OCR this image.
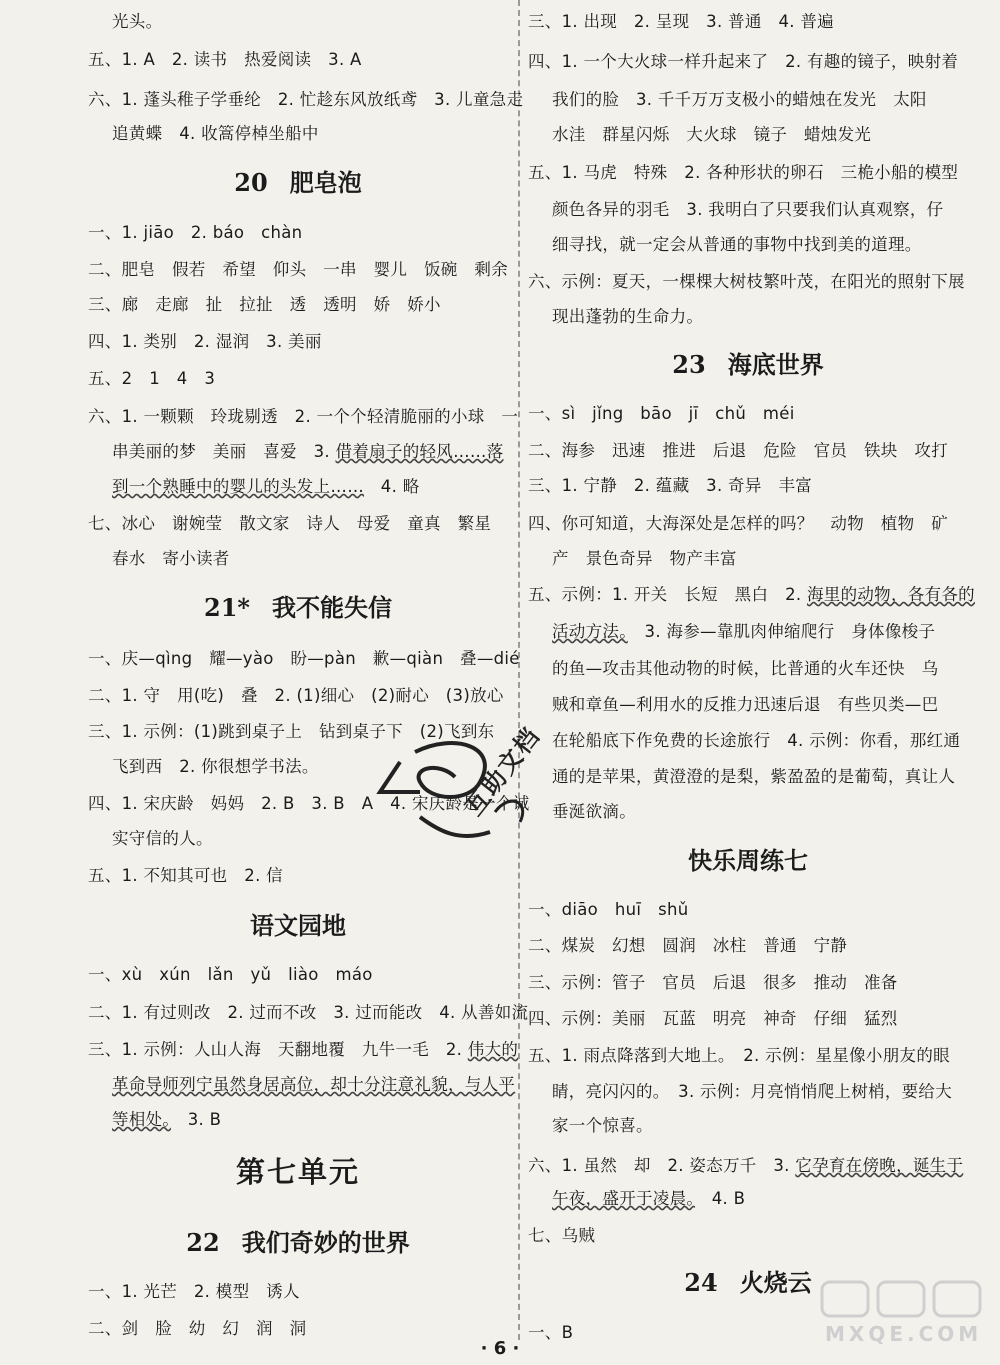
光头。
五、1. A　2. 读书　热爱阅读　3. A
六、1. 蓬头稚子学垂纶　2. 忙趁东风放纸鸢　3. 儿童急走
追黄蝶　4. 收篙停棹坐船中
20 肥皂泡
一、1. jiāo　2. báo　chàn
二、肥皂　假若　希望　仰头　一串　婴儿　饭碗　剩余
三、廊　走廊　扯　拉扯　透　透明　娇　娇小
四、1. 类别　2. 湿润　3. 美丽
五、2　1　4　3
六、1. 一颗颗　玲珑剔透　2. 一个个轻清脆丽的小球　一
串美丽的梦　美丽　喜爱　3. 借着扇子的轻风……落
到一个熟睡中的婴儿的头发上……　4. 略
七、冰心　谢婉莹　散文家　诗人　母爱　童真　繁星
春水　寄小读者
21* 我不能失信
一、庆—qìng　耀—yào　盼—pàn　歉—qiàn　叠—dié
二、1. 守　用(吃)　叠　2. (1)细心　(2)耐心　(3)放心
三、1. 示例：(1)跳到桌子上　钻到桌子下　(2)飞到东
飞到西　2. 你很想学书法。
四、1. 宋庆龄　妈妈　2. B　3. B　A　4. 宋庆龄是一个诚
实守信的人。
五、1. 不知其可也　2. 信
语文园地
一、xù　xún　lǎn　yǔ　liào　máo
二、1. 有过则改　2. 过而不改　3. 过而能改　4. 从善如流
三、1. 示例：人山人海　天翻地覆　九牛一毛　2. 伟大的
革命导师列宁虽然身居高位，却十分注意礼貌，与人平
等相处。　3. B
第七单元
22 我们奇妙的世界
一、1. 光芒　2. 模型　诱人
二、剑　脸　幼　幻　润　洞
三、1. 出现　2. 呈现　3. 普通　4. 普遍
四、1. 一个大火球一样升起来了　2. 有趣的镜子，映射着
我们的脸　3. 千千万万支极小的蜡烛在发光　太阳
水洼　群星闪烁　大火球　镜子　蜡烛发光
五、1. 马虎　特殊　2. 各种形状的卵石　三桅小船的模型
颜色各异的羽毛　3. 我明白了只要我们认真观察，仔
细寻找，就一定会从普通的事物中找到美的道理。
六、示例：夏天，一棵棵大树枝繁叶茂，在阳光的照射下展
现出蓬勃的生命力。
23 海底世界
一、sì　jǐng　bāo　jī　chǔ　méi
二、海参　迅速　推进　后退　危险　官员　铁块　攻打
三、1. 宁静　2. 蕴藏　3. 奇异　丰富
四、你可知道，大海深处是怎样的吗？　动物　植物　矿
产　景色奇异　物产丰富
五、示例：1. 开关　长短　黑白　2. 海里的动物，各有各的
活动方法。　3. 海参—靠肌肉伸缩爬行　身体像梭子
的鱼—攻击其他动物的时候，比普通的火车还快　乌
贼和章鱼—利用水的反推力迅速后退　有些贝类—巴
在轮船底下作免费的长途旅行　4. 示例：你看，那红通
通的是苹果，黄澄澄的是梨，紫盈盈的是葡萄，真让人
垂涎欲滴。
快乐周练七
一、diāo　huī　shǔ
二、煤炭　幻想　圆润　冰柱　普通　宁静
三、示例：管子　官员　后退　很多　推动　准备
四、示例：美丽　瓦蓝　明亮　神奇　仔细　猛烈
五、1. 雨点降落到大地上。　2. 示例：星星像小朋友的眼
睛，亮闪闪的。　3. 示例：月亮悄悄爬上树梢，要给大
家一个惊喜。
六、1. 虽然　却　2. 姿态万千　3. 它孕育在傍晚，诞生于
午夜，盛开于凌晨。　4. B
七、乌贼
24 火烧云
一、B
互助文档
MXQE.COM
· 6 ·
